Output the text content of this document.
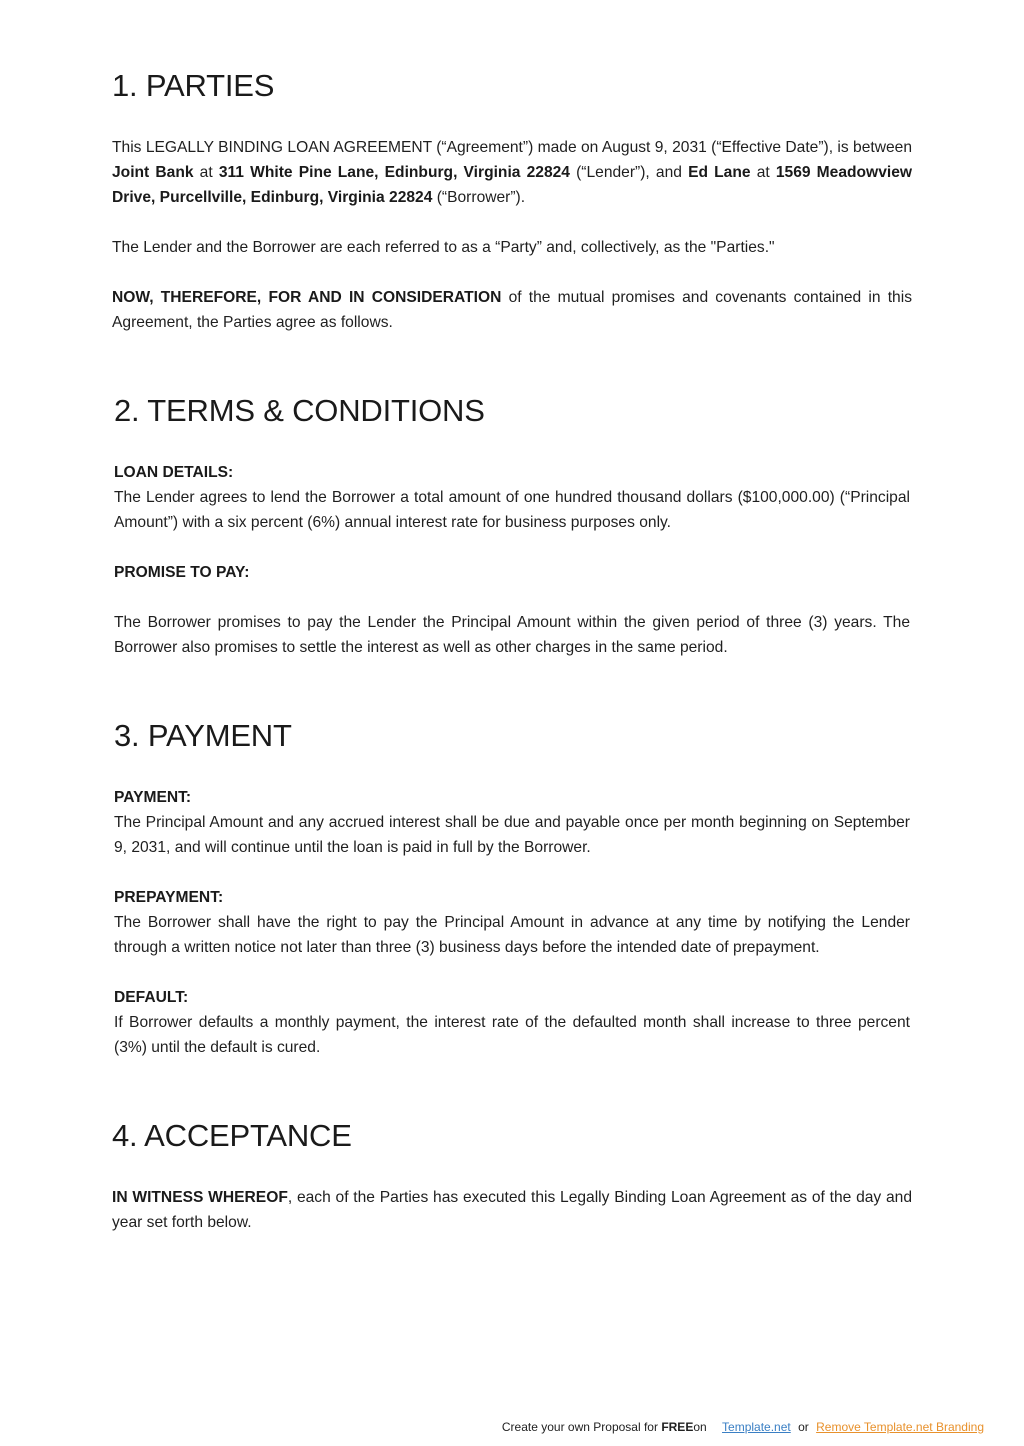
1. PARTIES

This LEGALLY BINDING LOAN AGREEMENT (“Agreement”) made on August 9, 2031 (“Effective Date”), is between Joint Bank at 311 White Pine Lane, Edinburg, Virginia 22824 (“Lender”), and Ed Lane at 1569 Meadowview Drive, Purcellville, Edinburg, Virginia 22824 (“Borrower”).

The Lender and the Borrower are each referred to as a “Party” and, collectively, as the "Parties."

NOW, THEREFORE, FOR AND IN CONSIDERATION of the mutual promises and covenants contained in this Agreement, the Parties agree as follows.

2. TERMS & CONDITIONS

LOAN DETAILS:

The Lender agrees to lend the Borrower a total amount of one hundred thousand dollars ($100,000.00) (“Principal Amount”) with a six percent (6%) annual interest rate for business purposes only.

PROMISE TO PAY:

The Borrower promises to pay the Lender the Principal Amount within the given period of three (3) years. The Borrower also promises to settle the interest as well as other charges in the same period.

3. PAYMENT

PAYMENT:

The Principal Amount and any accrued interest shall be due and payable once per month beginning on September 9, 2031, and will continue until the loan is paid in full by the Borrower.

PREPAYMENT:

The Borrower shall have the right to pay the Principal Amount in advance at any time by notifying the Lender through a written notice not later than three (3) business days before the intended date of prepayment.

DEFAULT:

If Borrower defaults a monthly payment, the interest rate of the defaulted month shall increase to three percent (3%) until the default is cured.

4. ACCEPTANCE

IN WITNESS WHEREOF, each of the Parties has executed this Legally Binding Loan Agreement as of the day and year set forth below.

Create your own Proposal for FREEon Template.net or Remove Template.net Branding
